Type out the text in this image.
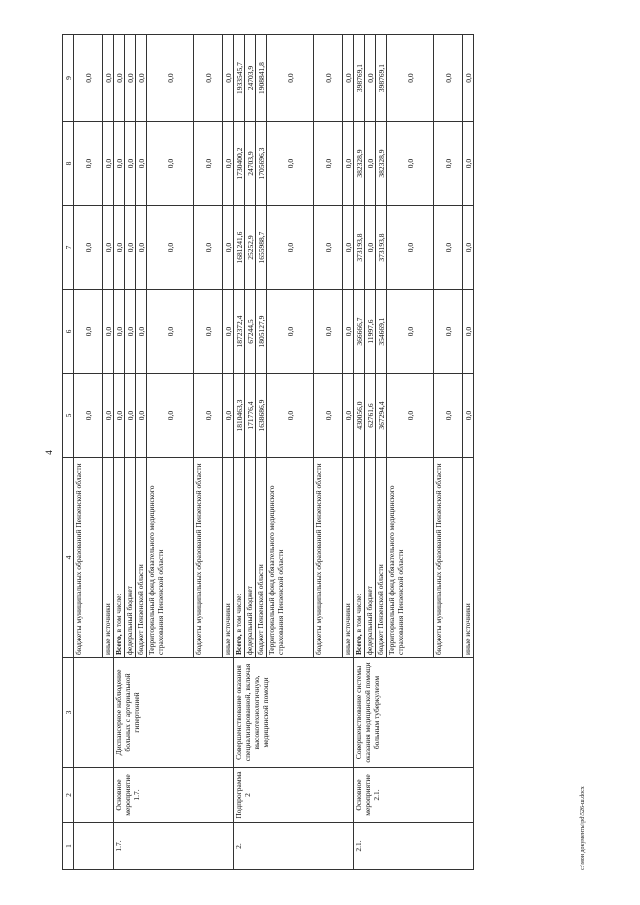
4
1	2	3	4	5	6	7	8	9
			бюджеты муниципальных образований Пензенской области	0,0	0,0	0,0	0,0	0,0
			иные источники	0,0	0,0	0,0	0,0	0,0
1.7.	Основное мероприятие 1.7.	Диспансерное наблюдение больных с артериальной гипертонией	Всего, в том числе:	0,0	0,0	0,0	0,0	0,0
			федеральный бюджет	0,0	0,0	0,0	0,0	0,0
			бюджет Пензенской области	0,0	0,0	0,0	0,0	0,0
			Территориальный фонд обязательного медицинского страхования Пензенской области	0,0	0,0	0,0	0,0	0,0
			бюджеты муниципальных образований Пензенской области	0,0	0,0	0,0	0,0	0,0
			иные источники	0,0	0,0	0,0	0,0	0,0
2.	Подпрограмма 2	Совершенствование оказания специализированной, включая высокотехнологичную, медицинской помощи	Всего, в том числе:	1810463,3	1872372,4	1681241,6	1730400,2	1933545,7
			федеральный бюджет	171776,4	67244,5	25252,9	24703,9	24703,9
			бюджет Пензенской области	1638686,9	1805127,9	1655988,7	1705696,3	1908841,8
			Территориальный фонд обязательного медицинского страхования Пензенской области	0,0	0,0	0,0	0,0	0,0
			бюджеты муниципальных образований Пензенской области	0,0	0,0	0,0	0,0	0,0
			иные источники	0,0	0,0	0,0	0,0	0,0
2.1.	Основное мероприятие 2.1.	Совершенствование системы оказания медицинской помощи больным туберкулезом	Всего, в том числе:	430056,0	366666,7	373193,8	382328,9	398769,1
			федеральный бюджет	62761,6	11997,6	0,0	0,0	0,0
			бюджет Пензенской области	367294,4	354669,1	373193,8	382328,9	398769,1
			Территориальный фонд обязательного медицинского страхования Пензенской области	0,0	0,0	0,0	0,0	0,0
			бюджеты муниципальных образований Пензенской области	0,0	0,0	0,0	0,0	0,0
			иные источники	0,0	0,0	0,0	0,0	0,0
c:\мои документы\pd\526-ш.docx
